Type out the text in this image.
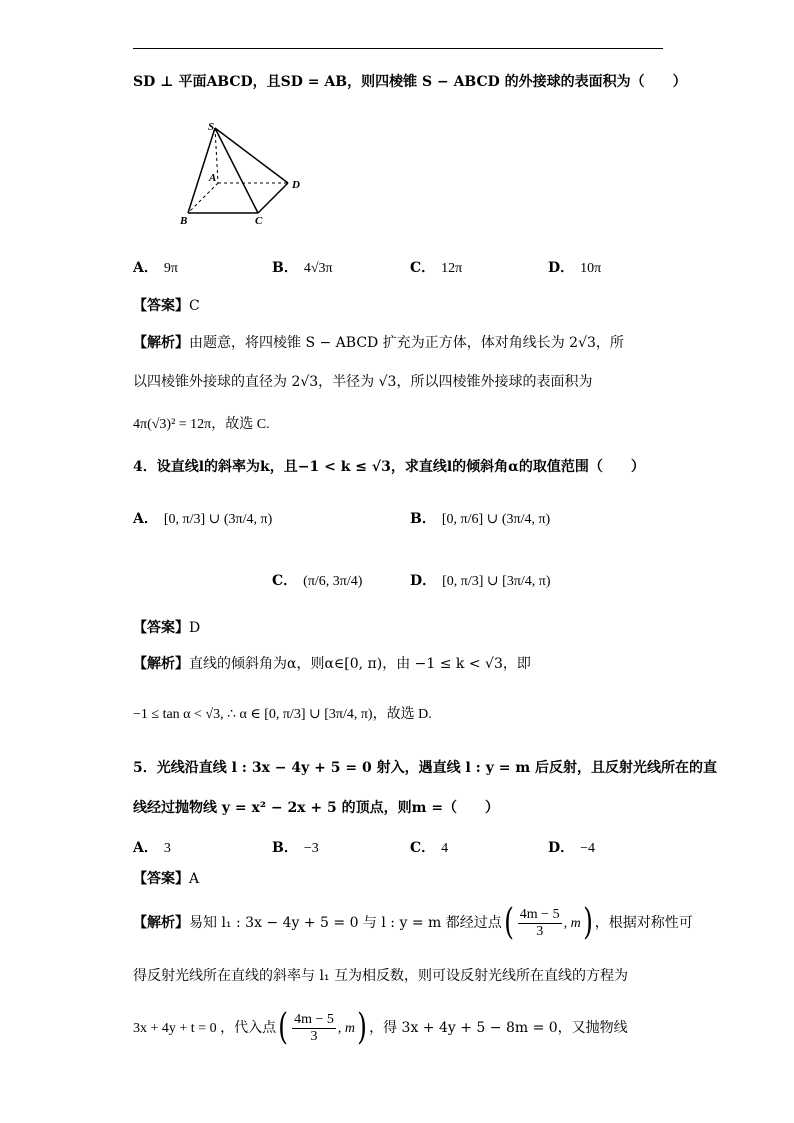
SD ⊥ 平面ABCD，且SD = AB，则四棱锥 S − ABCD 的外接球的表面积为（　　）
S
A
B	C
D
A． 9π	B． 4√3π	C． 12π	D． 10π
【答案】C
【解析】由题意，将四棱锥 S − ABCD 扩充为正方体，体对角线长为 2√3，所
以四棱锥外接球的直径为 2√3，半径为 √3，所以四棱锥外接球的表面积为
4π(√3)² = 12π，故选 C.
4．设直线l的斜率为k，且−1 < k ≤ √3，求直线l的倾斜角α的取值范围（　　）
A． [0, π/3] ∪ (3π/4, π)	B． [0, π/6] ∪ (3π/4, π)
C． (π/6, 3π/4)	D． [0, π/3] ∪ [3π/4, π)
【答案】D
【解析】直线的倾斜角为α，则α∈[0, π)，由 −1 ≤ k < √3，即
−1 ≤ tan α < √3, ∴ α ∈ [0, π/3] ∪ [3π/4, π)，故选 D.
5．光线沿直线 l : 3x − 4y + 5 = 0 射入，遇直线 l : y = m 后反射，且反射光线所在的直
线经过抛物线 y = x² − 2x + 5 的顶点，则m =（　　）
A． 3	B． −3	C． 4	D． −4
【答案】A
【解析】易知 l₁ : 3x − 4y + 5 = 0 与 l : y = m 都经过点( $\frac{4m - 5}{3}$ , m) ，根据对称性可
得反射光线所在直线的斜率与 l₁ 互为相反数，则可设反射光线所在直线的方程为
3x + 4y + t = 0 ，代入点( $\frac{4m - 5}{3}$ , m) ，得 3x + 4y + 5 − 8m = 0，又抛物线
